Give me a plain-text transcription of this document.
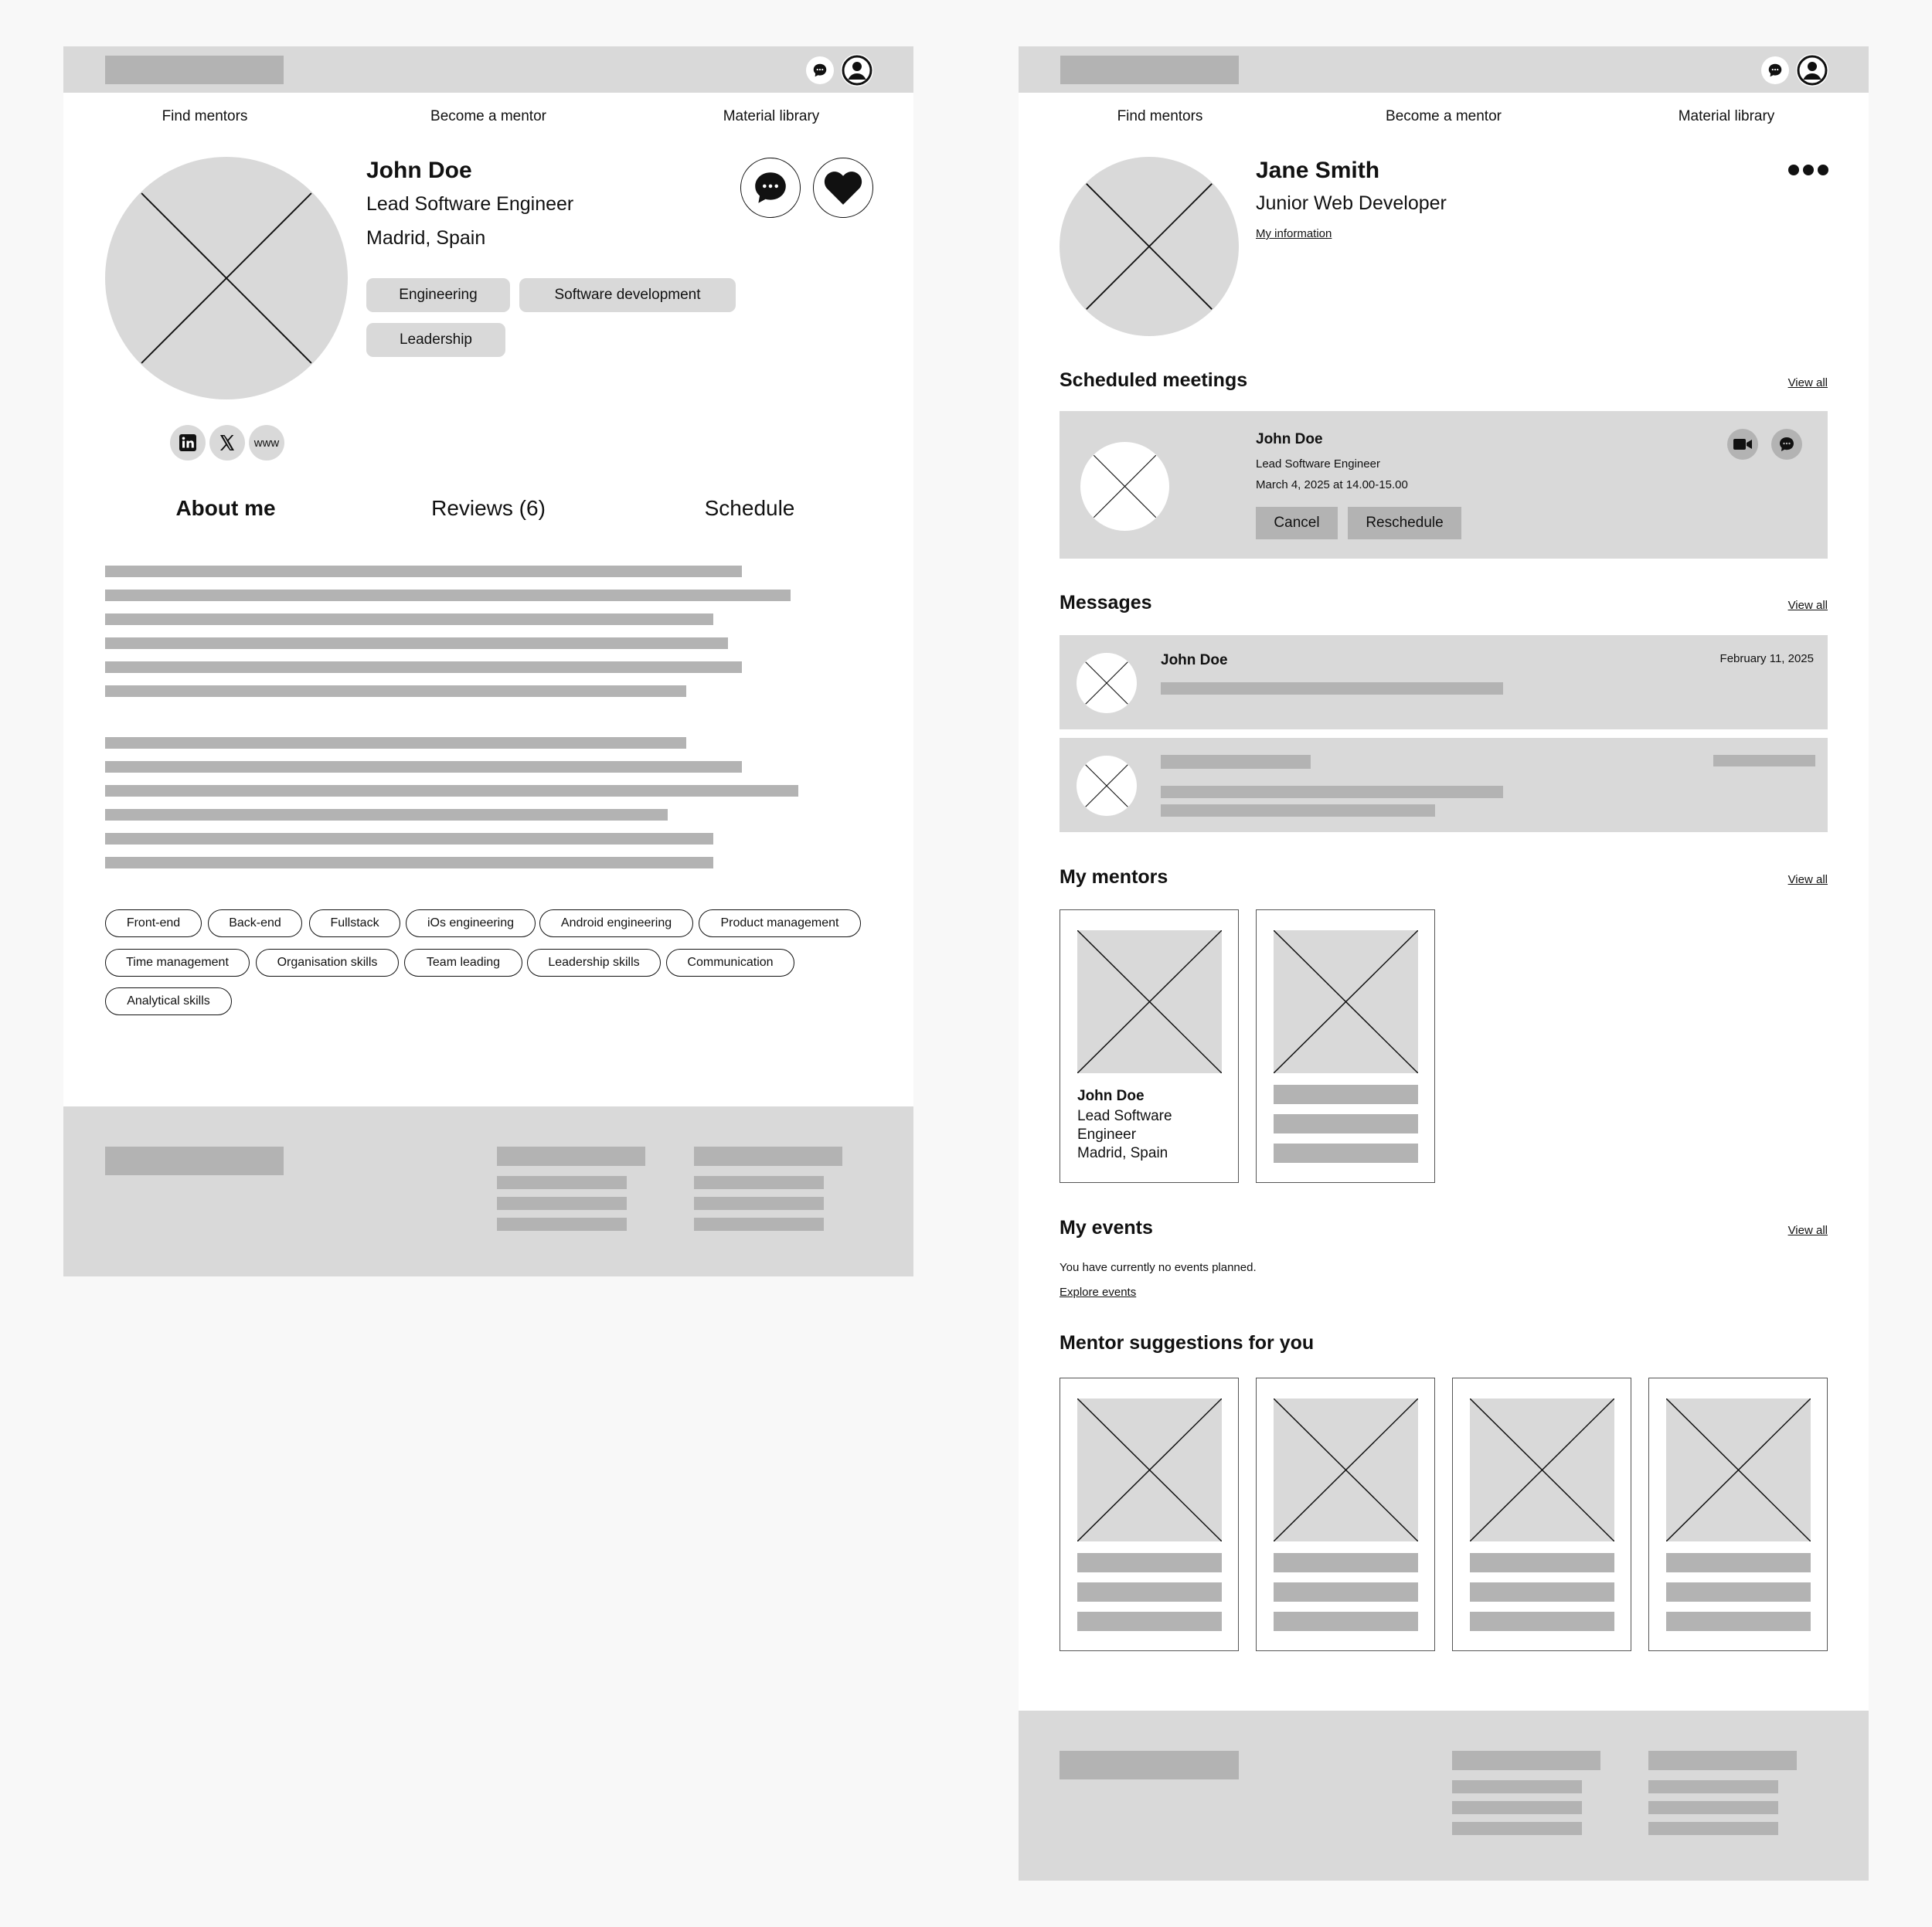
Find mentors	Become a mentor	Material library
John Doe
Lead Software Engineer
Madrid, Spain
Engineering	Software development
Leadership
www
About me	Reviews (6)	Schedule
Front-end	Back-end	Fullstack	iOs engineering	Android engineering	Product management
Time management	Organisation skills	Team leading	Leadership skills	Communication
Analytical skills
Find mentors	Become a mentor	Material library
Jane Smith
Junior Web Developer
My information
Scheduled meetings	View all
John Doe
Lead Software Engineer
March 4, 2025 at 14.00-15.00
Cancel	Reschedule
Messages	View all
John Doe	February 11, 2025
My mentors	View all
John Doe
Lead Software Engineer
Madrid, Spain
My events	View all
You have currently no events planned.
Explore events
Mentor suggestions for you
